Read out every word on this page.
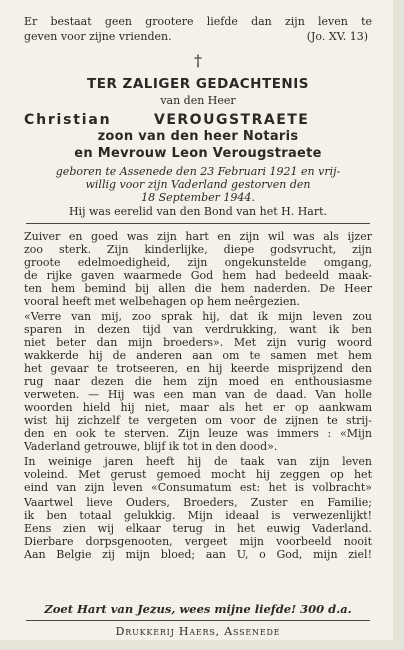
Er bestaat geen grootere liefde dan zijn leven te
geven voor zijne vrienden.	(Jo. XV. 13)
†
TER ZALIGER GEDACHTENIS
van den Heer
Christian	VEROUGSTRAETE
zoon van den heer Notaris
en Mevrouw Leon Verougstraete
geboren te Assenede den 23 Februari 1921 en vrij-
willig voor zijn Vaderland gestorven den
18 September 1944.
Hij was eerelid van den Bond van het H. Hart.
Zuiver en goed was zijn hart en zijn wil was als ijzer
zoo sterk. Zijn kinderlijke, diepe godsvrucht, zijn
groote edelmoedigheid, zijn ongekunstelde omgang,
de rijke gaven waarmede God hem had bedeeld maak-
ten hem bemind bij allen die hem naderden. De Heer
vooral heeft met welbehagen op hem neêrgezien.
«Verre van mij, zoo sprak hij, dat ik mijn leven zou
sparen in dezen tijd van verdrukking, want ik ben
niet beter dan mijn broeders». Met zijn vurig woord
wakkerde hij de anderen aan om te samen met hem
het gevaar te trotseeren, en hij keerde misprijzend den
rug naar dezen die hem zijn moed en enthousiasme
verweten. — Hij was een man van de daad. Van holle
woorden hield hij niet, maar als het er op aankwam
wist hij zichzelf te vergeten om voor de zijnen te strij-
den en ook te sterven. Zijn leuze was immers : «Mijn
Vaderland getrouwe, blijf ik tot in den dood».
In weinige jaren heeft hij de taak van zijn leven
voleind. Met gerust gemoed mocht hij zeggen op het
eind van zijn leven «Consumatum est: het is volbracht»
Vaartwel lieve Ouders, Broeders, Zuster en Familie;
ik ben totaal gelukkig. Mijn ideaal is verwezenlijkt!
Eens zien wij elkaar terug in het euwig Vaderland.
Dierbare dorpsgenooten, vergeet mijn voorbeeld nooit
Aan Belgie zij mijn bloed; aan U, o God, mijn ziel!
Zoet Hart van Jezus, wees mijne liefde! 300 d.a.
Drukkerij Haers, Assenede
